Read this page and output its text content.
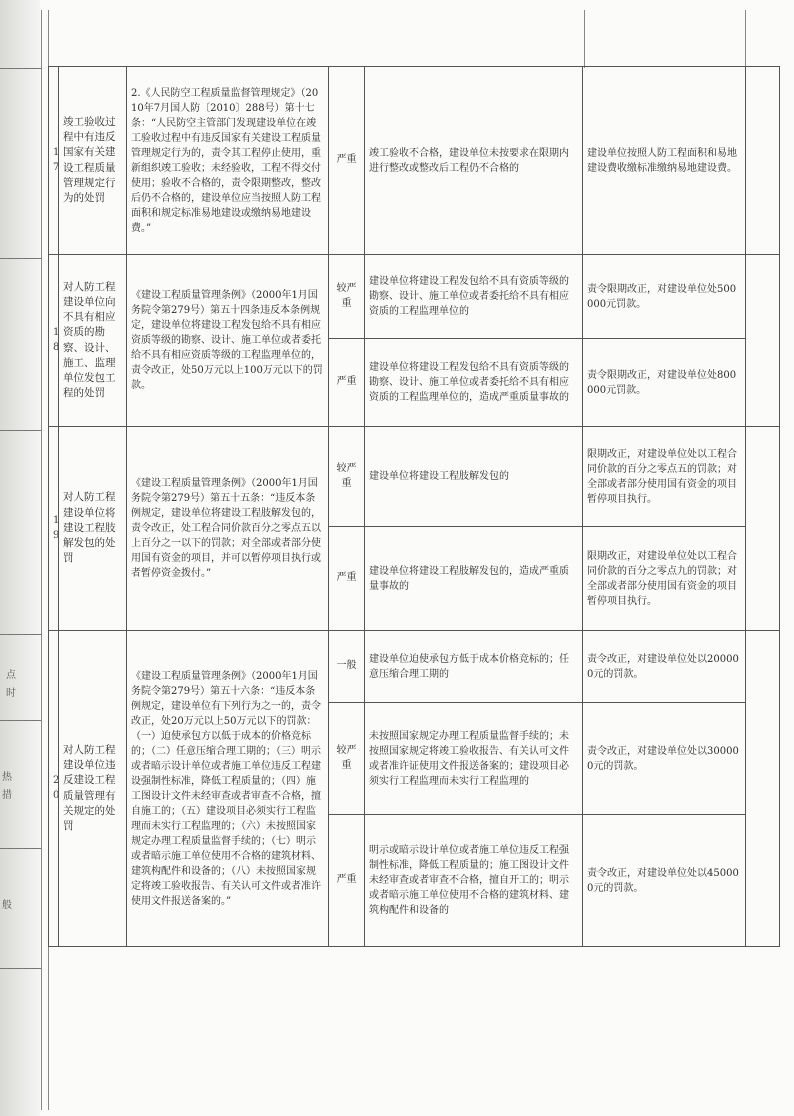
点
时
热
措
般
17	竣工验收过程中有违反国家有关建设工程质量管理规定行为的处罚	2.《人民防空工程质量监督管理规定》（2010年7月国人防〔2010〕288号）第十七条：“人民防空主管部门发现建设单位在竣工验收过程中有违反国家有关建设工程质量管理规定行为的，责令其工程停止使用，重新组织竣工验收；未经验收，工程不得交付使用；验收不合格的，责令限期整改，整改后仍不合格的，建设单位应当按照人防工程面积和规定标准易地建设或缴纳易地建设费。”	严重	竣工验收不合格，建设单位未按要求在限期内进行整改或整改后工程仍不合格的	建设单位按照人防工程面积和易地建设费收缴标准缴纳易地建设费。	
18	对人防工程建设单位向不具有相应资质的勘察、设计、施工、监理单位发包工程的处罚	《建设工程质量管理条例》（2000年1月国务院令第279号）第五十四条违反本条例规定，建设单位将建设工程发包给不具有相应资质等级的勘察、设计、施工单位或者委托给不具有相应资质等级的工程监理单位的，责令改正，处50万元以上100万元以下的罚款。	较严重	建设单位将建设工程发包给不具有资质等级的勘察、设计、施工单位或者委托给不具有相应资质的工程监理单位的	责令限期改正，对建设单位处500000元罚款。	
			严重	建设单位将建设工程发包给不具有资质等级的勘察、设计、施工单位或者委托给不具有相应资质的工程监理单位的，造成严重质量事故的	责令限期改正，对建设单位处800000元罚款。	
19	对人防工程建设单位将建设工程肢解发包的处罚	《建设工程质量管理条例》（2000年1月国务院令第279号）第五十五条：“违反本条例规定，建设单位将建设工程肢解发包的，责令改正，处工程合同价款百分之零点五以上百分之一以下的罚款；对全部或者部分使用国有资金的项目，并可以暂停项目执行或者暂停资金拨付。”	较严重	建设单位将建设工程肢解发包的	限期改正，对建设单位处以工程合同价款的百分之零点五的罚款；对全部或者部分使用国有资金的项目暂停项目执行。	
			严重	建设单位将建设工程肢解发包的，造成严重质量事故的	限期改正，对建设单位处以工程合同价款的百分之零点九的罚款；对全部或者部分使用国有资金的项目暂停项目执行。	
20	对人防工程建设单位违反建设工程质量管理有关规定的处罚	《建设工程质量管理条例》（2000年1月国务院令第279号）第五十六条：“违反本条例规定，建设单位有下列行为之一的，责令改正，处20万元以上50万元以下的罚款：（一）迫使承包方以低于成本的价格竞标的；（二）任意压缩合理工期的；（三）明示或者暗示设计单位或者施工单位违反工程建设强制性标准，降低工程质量的；（四）施工图设计文件未经审查或者审查不合格，擅自施工的；（五）建设项目必须实行工程监理而未实行工程监理的；（六）未按照国家规定办理工程质量监督手续的；（七）明示或者暗示施工单位使用不合格的建筑材料、建筑构配件和设备的；（八）未按照国家规定将竣工验收报告、有关认可文件或者准许使用文件报送备案的。”	一般	建设单位迫使承包方低于成本价格竞标的；任意压缩合理工期的	责令改正，对建设单位处以200000元的罚款。	
			较严重	未按照国家规定办理工程质量监督手续的；未按照国家规定将竣工验收报告、有关认可文件或者准许证使用文件报送备案的；建设项目必须实行工程监理而未实行工程监理的	责令改正，对建设单位处以300000元的罚款。	
			严重	明示或暗示设计单位或者施工单位违反工程强制性标准，降低工程质量的；施工图设计文件未经审查或者审查不合格，擅自开工的；明示或者暗示施工单位使用不合格的建筑材料、建筑构配件和设备的	责令改正，对建设单位处以450000元的罚款。	
